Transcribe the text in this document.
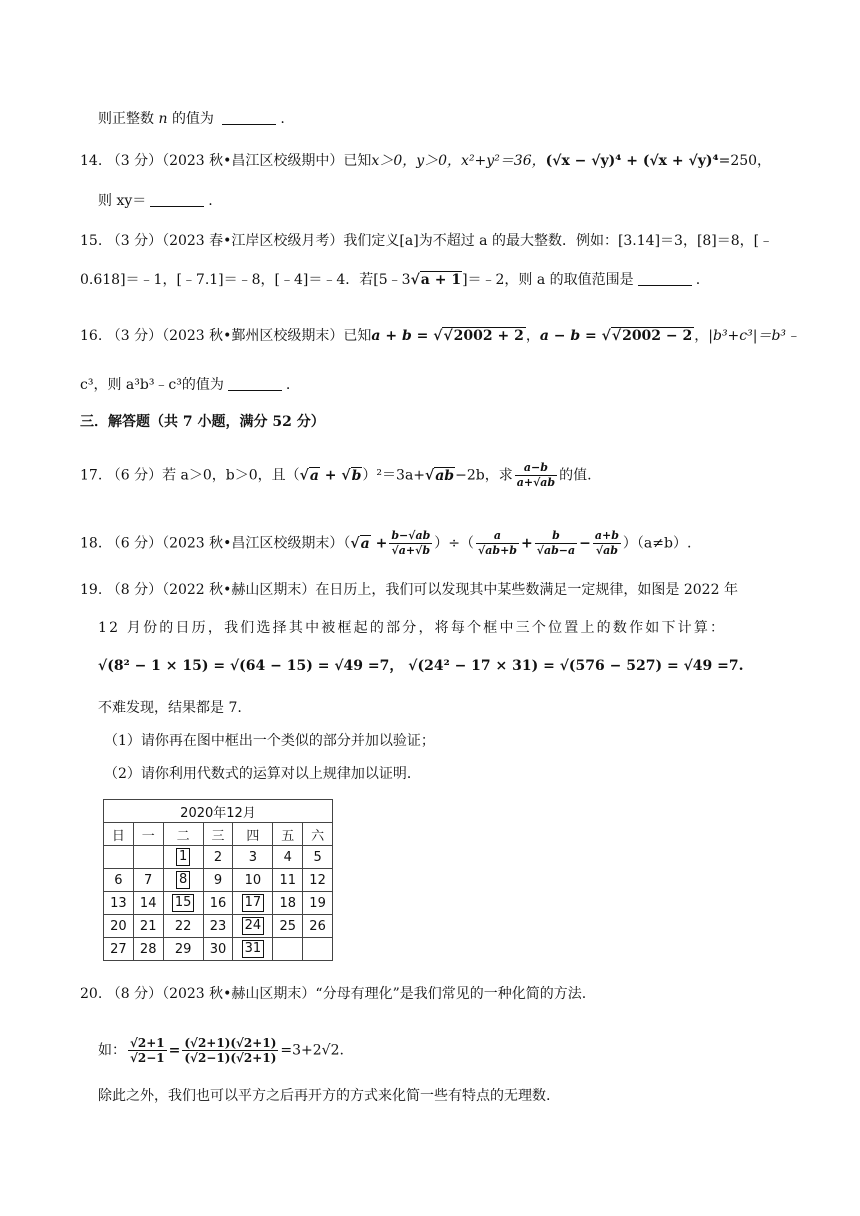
则正整数 n 的值为	.
14. （3 分）（2023 秋•昌江区校级期中）已知x＞0，y＞0，x²+y²＝36，(√x − √y)⁴ + (√x + √y)⁴=250，
则 xy＝	.
15. （3 分）（2023 春•江岸区校级月考）我们定义[a]为不超过 a 的最大整数．例如：[3.14]＝3，[8]＝8，[﹣
0.618]＝﹣1，[﹣7.1]＝﹣8，[﹣4]＝﹣4．若[5﹣3√a + 1]＝﹣2，则 a 的取值范围是	.
16. （3 分）（2023 秋•鄞州区校级期末）已知a + b = √√2002 + 2 ，a − b = √√2002 − 2 ，|b³+c³|＝b³﹣
c³，则 a³b³﹣c³的值为	.
三．解答题（共 7 小题，满分 52 分）
17. （6 分）若 a＞0，b＞0，且（√a + √b）²＝3a+√ab−2b，求 $\frac{a-b}{a+√ab}$ 的值.
18. （6 分）（2023 秋•昌江区校级期末）（$√a + \frac{b-√ab}{√a+√b}$ ）÷（ $\frac{a}{√ab+b} + \frac{b}{√ab-a} - \frac{a+b}{√ab} )(a\ne b)$.
19. （8 分）（2022 秋•赫山区期末）在日历上，我们可以发现其中某些数满足一定规律，如图是 2022 年
12 月份的日历，我们选择其中被框起的部分，将每个框中三个位置上的数作如下计算：
√(8² − 1 × 15) = √(64 − 15) = √49 =7， √(24² − 17 × 31) = √(576 − 527) = √49 =7.
不难发现，结果都是 7.
（1）请你再在图中框出一个类似的部分并加以验证；
（2）请你利用代数式的运算对以上规律加以证明．
2020年12月						
日	一	二	三	四	五	六
		1	2	3	4	5
6	7	8	9	10	11	12
13	14	15	16	17	18	19
20	21	22	23	24	25	26
27	28	29	30	31		
20. （8 分）（2023 秋•赫山区期末）“分母有理化”是我们常见的一种化简的方法.
如： $\frac{√2+1}{√2-1} = \frac{(√2+1)(√2+1)}{(√2-1)(√2+1)} =3+2√2$.
除此之外，我们也可以平方之后再开方的方式来化简一些有特点的无理数.
